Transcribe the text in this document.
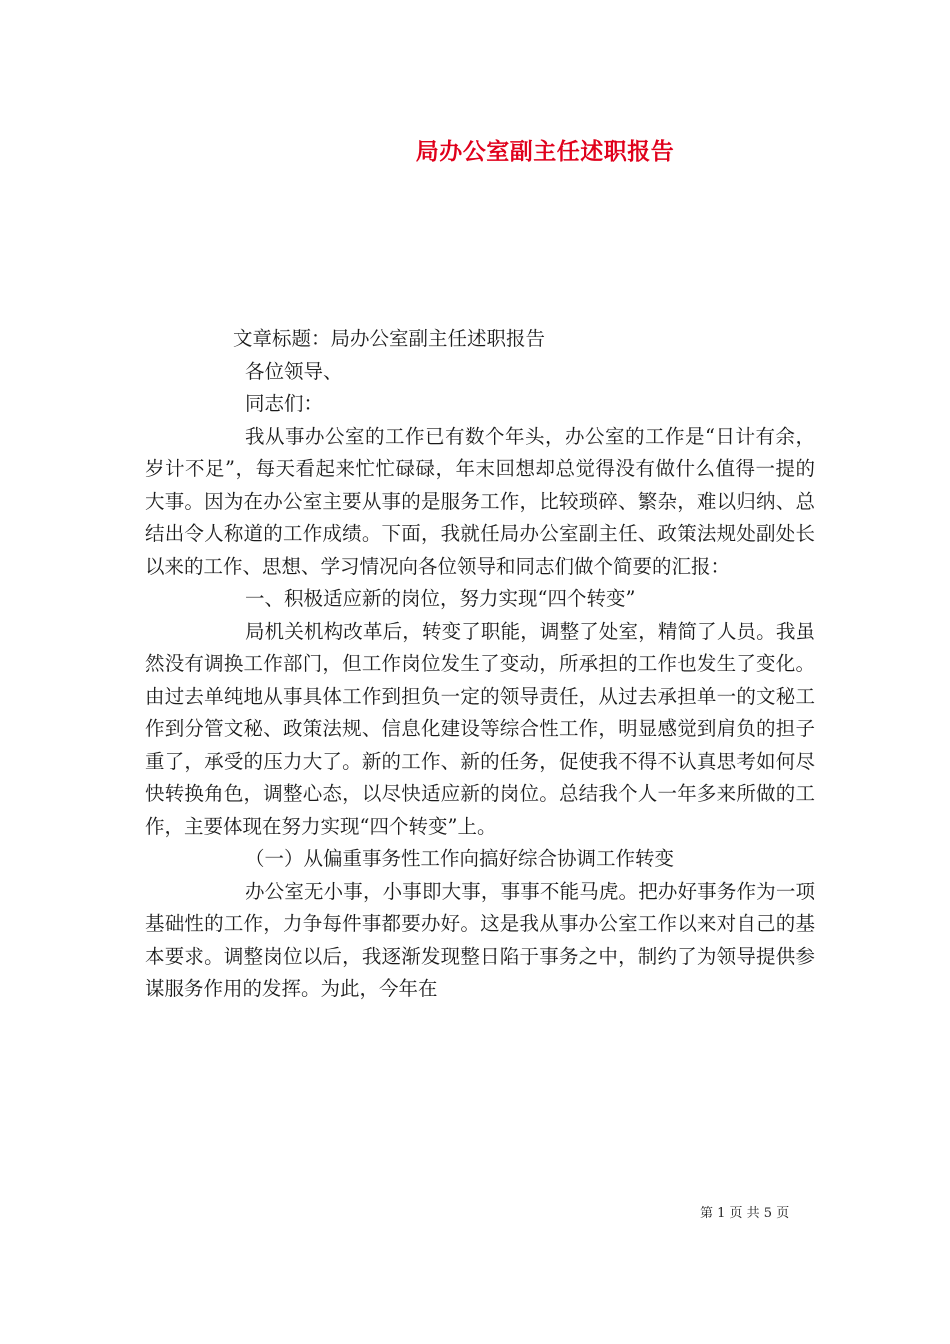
局办公室副主任述职报告

文章标题：局办公室副主任述职报告

各位领导、

同志们：

我从事办公室的工作已有数个年头，办公室的工作是“日计有余，岁计不足”，每天看起来忙忙碌碌，年末回想却总觉得没有做什么值得一提的大事。因为在办公室主要从事的是服务工作，比较琐碎、繁杂，难以归纳、总结出令人称道的工作成绩。下面，我就任局办公室副主任、政策法规处副处长以来的工作、思想、学习情况向各位领导和同志们做个简要的汇报：

一、积极适应新的岗位，努力实现“四个转变”

局机关机构改革后，转变了职能，调整了处室，精简了人员。我虽然没有调换工作部门，但工作岗位发生了变动，所承担的工作也发生了变化。由过去单纯地从事具体工作到担负一定的领导责任，从过去承担单一的文秘工作到分管文秘、政策法规、信息化建设等综合性工作，明显感觉到肩负的担子重了，承受的压力大了。新的工作、新的任务，促使我不得不认真思考如何尽快转换角色，调整心态，以尽快适应新的岗位。总结我个人一年多来所做的工作，主要体现在努力实现“四个转变”上。

（一）从偏重事务性工作向搞好综合协调工作转变

办公室无小事，小事即大事，事事不能马虎。把办好事务作为一项基础性的工作，力争每件事都要办好。这是我从事办公室工作以来对自己的基本要求。调整岗位以后，我逐渐发现整日陷于事务之中，制约了为领导提供参谋服务作用的发挥。为此，今年在

第 1 页 共 5 页
